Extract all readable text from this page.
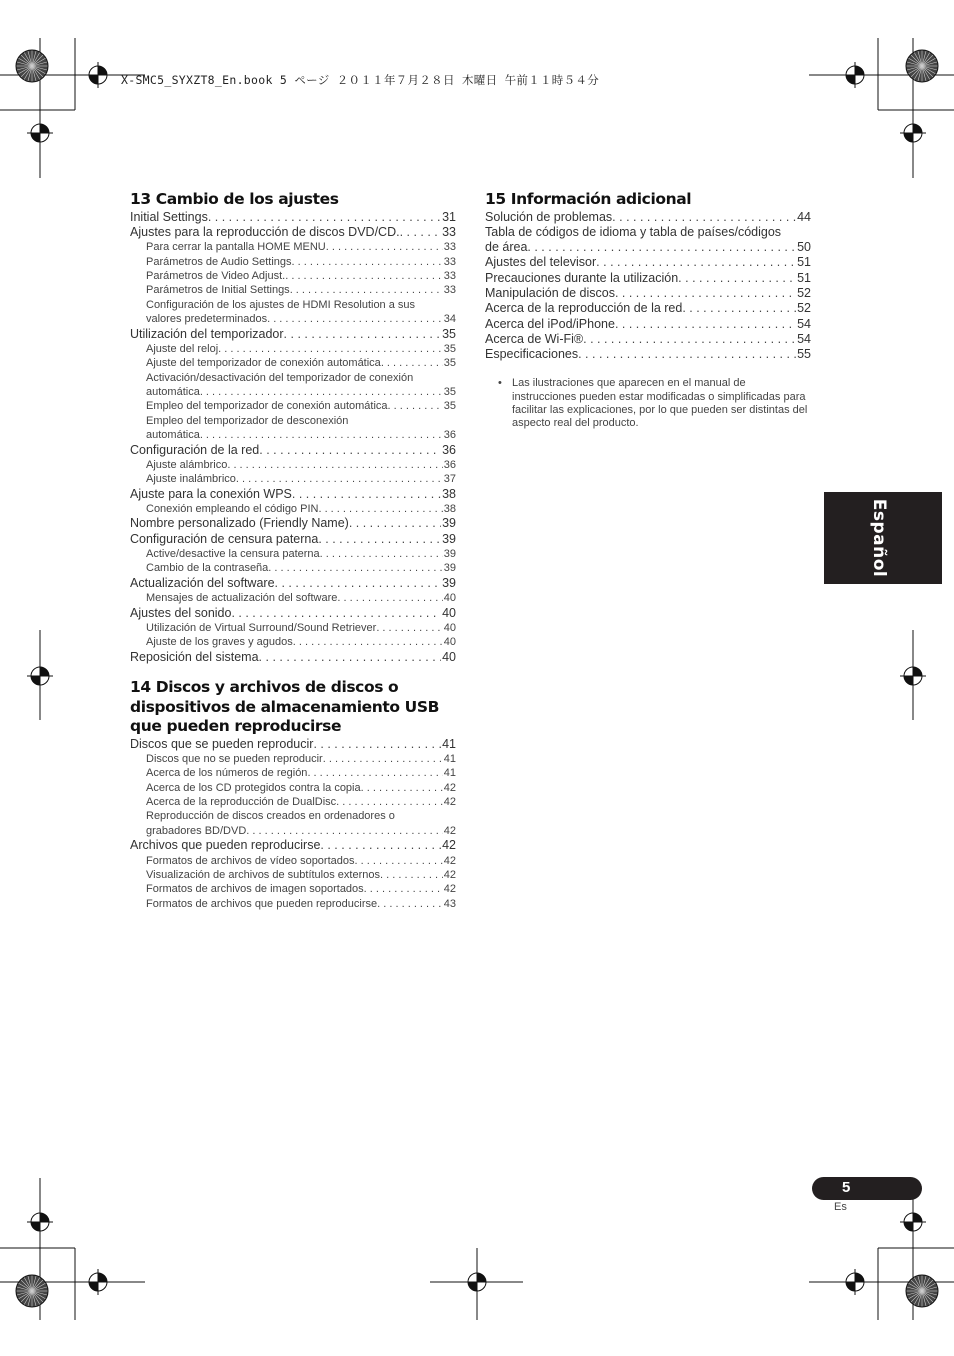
X-SMC5_SYXZT8_En.book 5 ページ ２０１１年７月２８日 木曜日 午前１１時５４分
13 Cambio de los ajustes
Initial Settings . . .	31
Ajustes para la reproducción de discos DVD/CD. . . .	33
Para cerrar la pantalla HOME MENU . . .	33
Parámetros de Audio Settings . . .	33
Parámetros de Video Adjust. . . .	33
Parámetros de Initial Settings . . .	33
Configuración de los ajustes de HDMI Resolution a sus
valores predeterminados . . .	34
Utilización del temporizador . . .	35
Ajuste del reloj . . .	35
Ajuste del temporizador de conexión automática . . .	35
Activación/desactivación del temporizador de conexión
automática . . .	35
Empleo del temporizador de conexión automática . . .	35
Empleo del temporizador de desconexión
automática . . .	36
Configuración de la red . . .	36
Ajuste alámbrico . . .	36
Ajuste inalámbrico . . .	37
Ajuste para la conexión WPS . . .	38
Conexión empleando el código PIN . . .	38
Nombre personalizado (Friendly Name) . . .	39
Configuración de censura paterna . . .	39
Active/desactive la censura paterna . . .	39
Cambio de la contraseña . . .	39
Actualización del software . . .	39
Mensajes de actualización del software . . .	40
Ajustes del sonido . . .	40
Utilización de Virtual Surround/Sound Retriever . . .	40
Ajuste de los graves y agudos . . .	40
Reposición del sistema . . .	40
14 Discos y archivos de discos o dispositivos de almacenamiento USB que pueden reproducirse
Discos que se pueden reproducir . . .	41
Discos que no se pueden reproducir . . .	41
Acerca de los números de región . . .	41
Acerca de los CD protegidos contra la copia . . .	42
Acerca de la reproducción de DualDisc . . .	42
Reproducción de discos creados en ordenadores o
grabadores BD/DVD . . .	42
Archivos que pueden reproducirse . . .	42
Formatos de archivos de vídeo soportados . . .	42
Visualización de archivos de subtítulos externos . . .	42
Formatos de archivos de imagen soportados . . .	42
Formatos de archivos que pueden reproducirse . . .	43
15 Información adicional
Solución de problemas . . .	44
Tabla de códigos de idioma y tabla de países/códigos
de área . . .	50
Ajustes del televisor . . .	51
Precauciones durante la utilización . . .	51
Manipulación de discos . . .	52
Acerca de la reproducción de la red . . .	52
Acerca del iPod/iPhone . . .	54
Acerca de Wi-Fi® . . .	54
Especificaciones . . .	55
• Las ilustraciones que aparecen en el manual de instrucciones pueden estar modificadas o simplificadas para facilitar las explicaciones, por lo que pueden ser distintas del aspecto real del producto.
Español
5
Es
